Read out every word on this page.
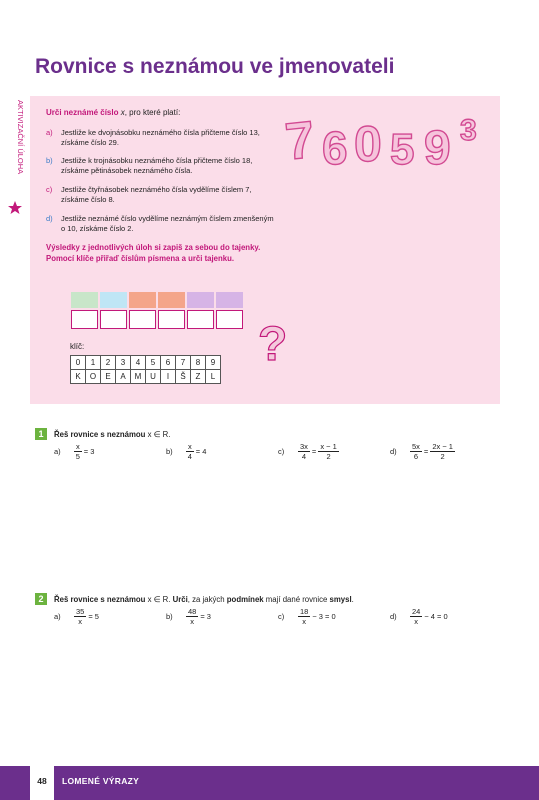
Rovnice s neznámou ve jmenovateli
AKTIVIZAČNÍ ÚLOHA	Urči neznámé číslo x, pro které platí:
a)	Jestliže ke dvojnásobku neznámého čísla přičteme číslo 13, získáme číslo 29.
b)	Jestliže k trojnásobku neznámého čísla přičteme číslo 18, získáme pětinásobek neznámého čísla.
c)	Jestliže čtyřnásobek neznámého čísla vydělíme číslem 7, získáme číslo 8.
d)	Jestliže neznámé číslo vydělíme neznámým číslem zmenšeným o 10, získáme číslo 2.
Výsledky z jednotlivých úloh si zapiš za sebou do tajenky. Pomocí klíče přiřaď číslům písmena a urči tajenku.
7 6 0 5 9 3
?
klíč:
0	1	2	3	4	5	6	7	8	9
K	O	E	A	M	U	I	Š	Z	L
1	Řeš rovnice s neznámou x ∈ R.
a)	$\frac{x}{5}$ =
3	b)	$\frac{x}{4}$ =
4	c)	$\frac{3x}{4} = \frac{x - 1}{2}$	d)	$\frac{5x}{6} = \frac{2x - 1}{2}$
2	Řeš rovnice s neznámou x ∈ R. Urči, za jakých podmínek mají dané rovnice smysl.
a)	$\frac{35}{x} = 5$	b)	$\frac{48}{x} = 3$	c)	$\frac{18}{x} - 3 = 0$	d)	$\frac{24}{x} - 4 = 0$
48	LOMENÉ VÝRAZY
